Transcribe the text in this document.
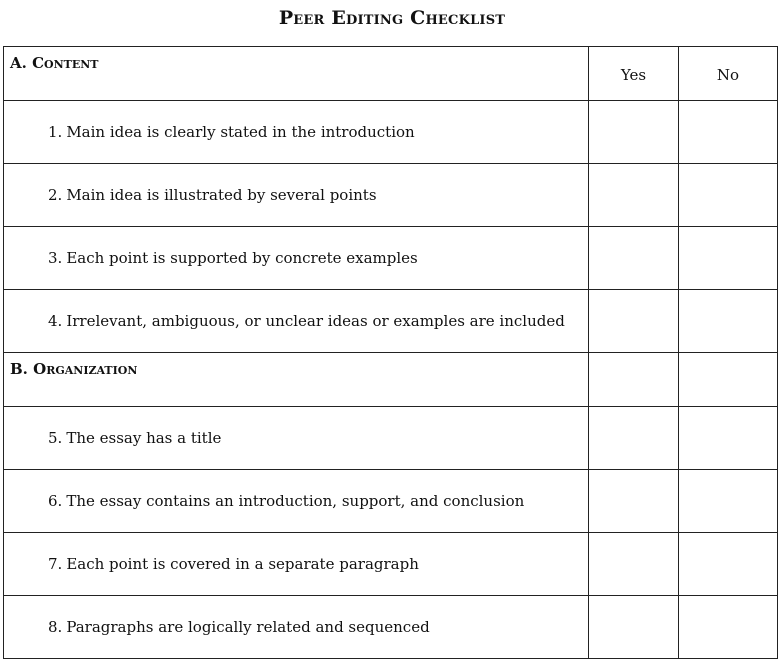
Peer Editing Checklist
A. Content	Yes	No
1. Main idea is clearly stated in the introduction		
2. Main idea is illustrated by several points		
3. Each point is supported by concrete examples		
4. Irrelevant, ambiguous, or unclear ideas or examples are included		
B. Organization		
5. The essay has a title		
6. The essay contains an introduction, support, and conclusion		
7. Each point is covered in a separate paragraph		
8. Paragraphs are logically related and sequenced		
